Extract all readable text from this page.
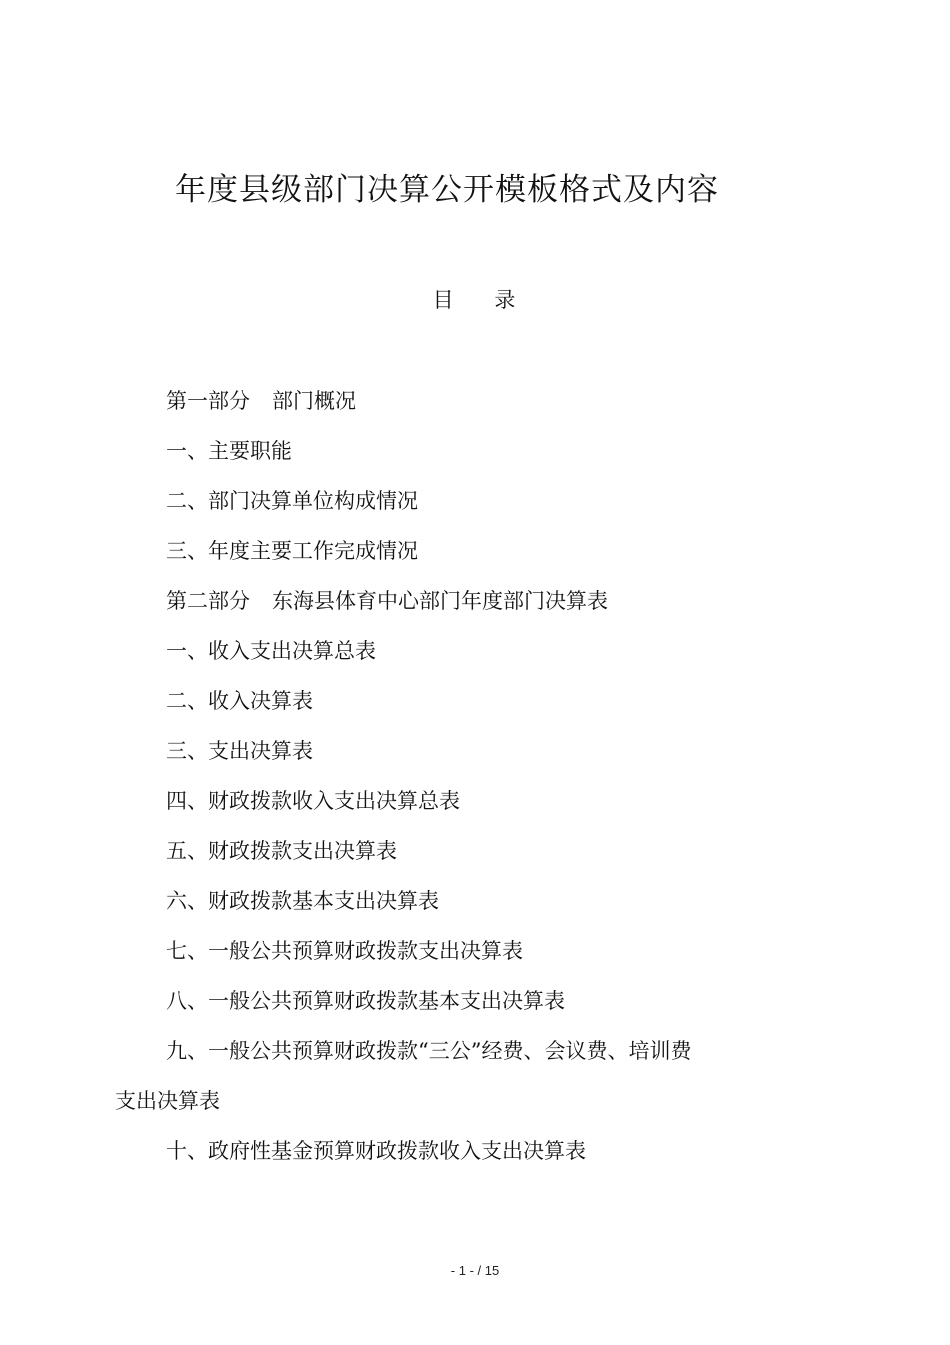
年度县级部门决算公开模板格式及内容
目 录
第一部分 部门概况
一、主要职能
二、部门决算单位构成情况
三、年度主要工作完成情况
第二部分 东海县体育中心部门年度部门决算表
一、收入支出决算总表
二、收入决算表
三、支出决算表
四、财政拨款收入支出决算总表
五、财政拨款支出决算表
六、财政拨款基本支出决算表
七、一般公共预算财政拨款支出决算表
八、一般公共预算财政拨款基本支出决算表
九、一般公共预算财政拨款“三公”经费、会议费、培训费
支出决算表
十、政府性基金预算财政拨款收入支出决算表
- 1 - / 15
